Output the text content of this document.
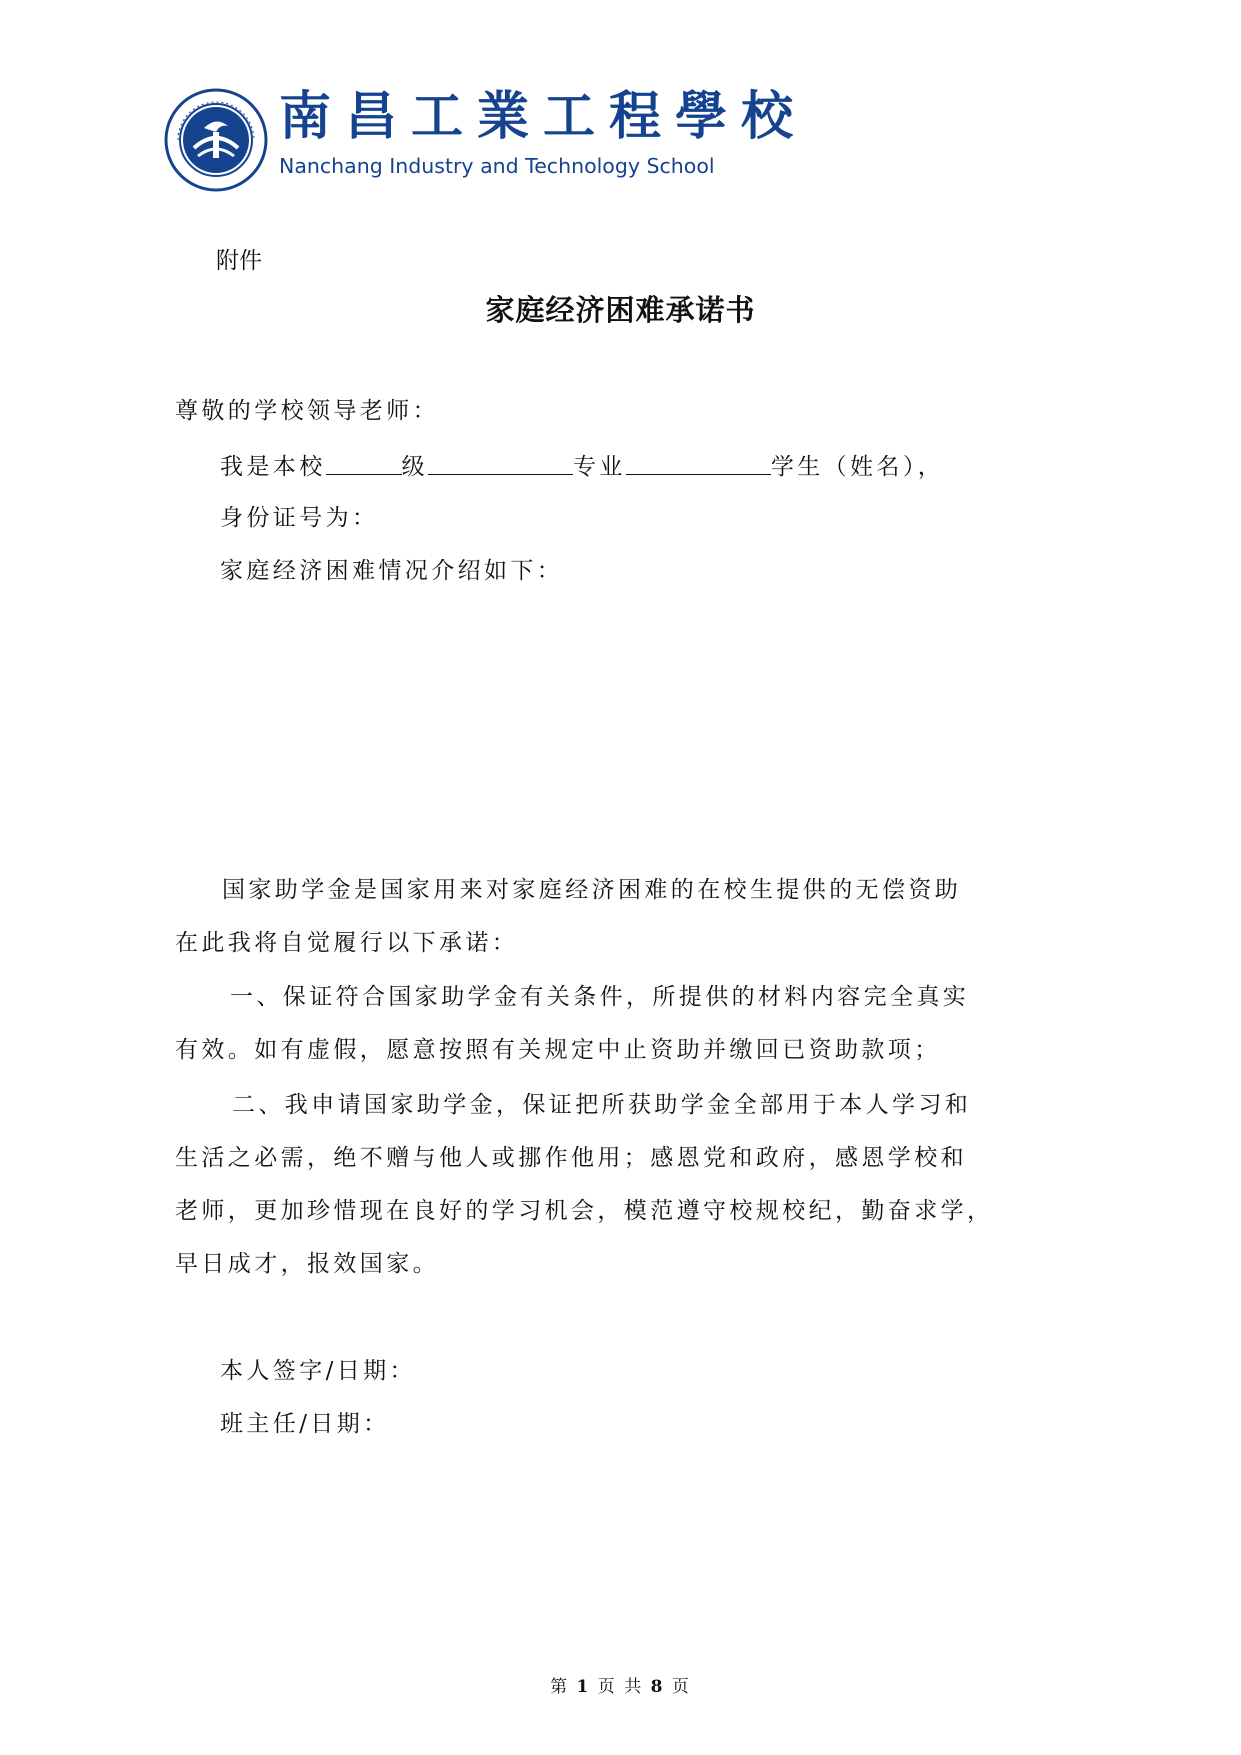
南昌工業工程學校
Nanchang Industry and Technology School
附件
家庭经济困难承诺书
尊敬的学校领导老师：
我是本校	级	专业	学生（姓名），
身份证号为：
家庭经济困难情况介绍如下：
国家助学金是国家用来对家庭经济困难的在校生提供的无偿资助
在此我将自觉履行以下承诺：
一、保证符合国家助学金有关条件，所提供的材料内容完全真实
有效。如有虚假，愿意按照有关规定中止资助并缴回已资助款项；
二、我申请国家助学金，保证把所获助学金全部用于本人学习和
生活之必需，绝不赠与他人或挪作他用；感恩党和政府，感恩学校和
老师，更加珍惜现在良好的学习机会，模范遵守校规校纪，勤奋求学，
早日成才，报效国家。
本人签字/日期：
班主任/日期：
第 1 页 共 8 页
